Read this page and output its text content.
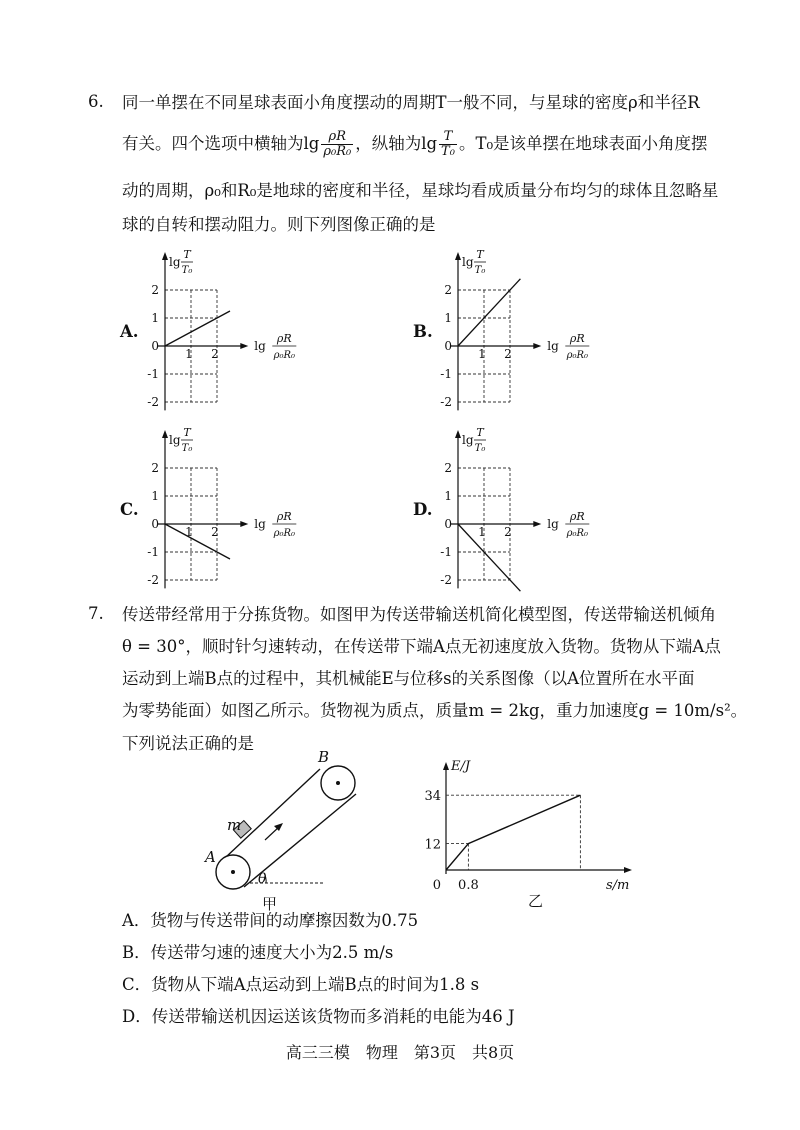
6. 同一单摆在不同星球表面小角度摆动的周期T一般不同，与星球的密度ρ和半径R
有关。四个选项中横轴为$\lg \frac{\rho R}{\text{ρ₀R₀}}$ ，纵轴为$\lg \frac{T}{\text{T₀}}$ 。T₀是该单摆在地球表面小角度摆
动的周期，ρ₀和R₀是地球的密度和半径，星球均看成质量分布均匀的球体且忽略星
球的自转和摆动阻力。则下列图像正确的是
A.	B.
C.	D.
2
1
0
-1
-2
1 2
lg
T
T₀
lg
ρR
ρ₀R₀
2
1
0
-1
-2
1 2
lg
T
T₀
lg
ρR
ρ₀R₀
2
1
0
-1
-2
1 2
lg
T
T₀
lg
ρR
ρ₀R₀
2
1
0
-1
-2
1 2
lg
T
T₀
lg
ρR
ρ₀R₀
7. 传送带经常用于分拣货物。如图甲为传送带输送机简化模型图，传送带输送机倾角
θ = 30°，顺时针匀速转动，在传送带下端A点无初速度放入货物。货物从下端A点
运动到上端B点的过程中，其机械能E与位移s的关系图像（以A位置所在水平面
为零势能面）如图乙所示。货物视为质点，质量m = 2kg，重力加速度g = 10m/s²。
下列说法正确的是
A
B
m
θ
甲
E/J
s/m
34
12
0 0.8
乙
A．货物与传送带间的动摩擦因数为0.75
B．传送带匀速的速度大小为2.5 m/s
C．货物从下端A点运动到上端B点的时间为1.8 s
D．传送带输送机因运送该货物而多消耗的电能为46 J
高三三模　物理　第3页　共8页
